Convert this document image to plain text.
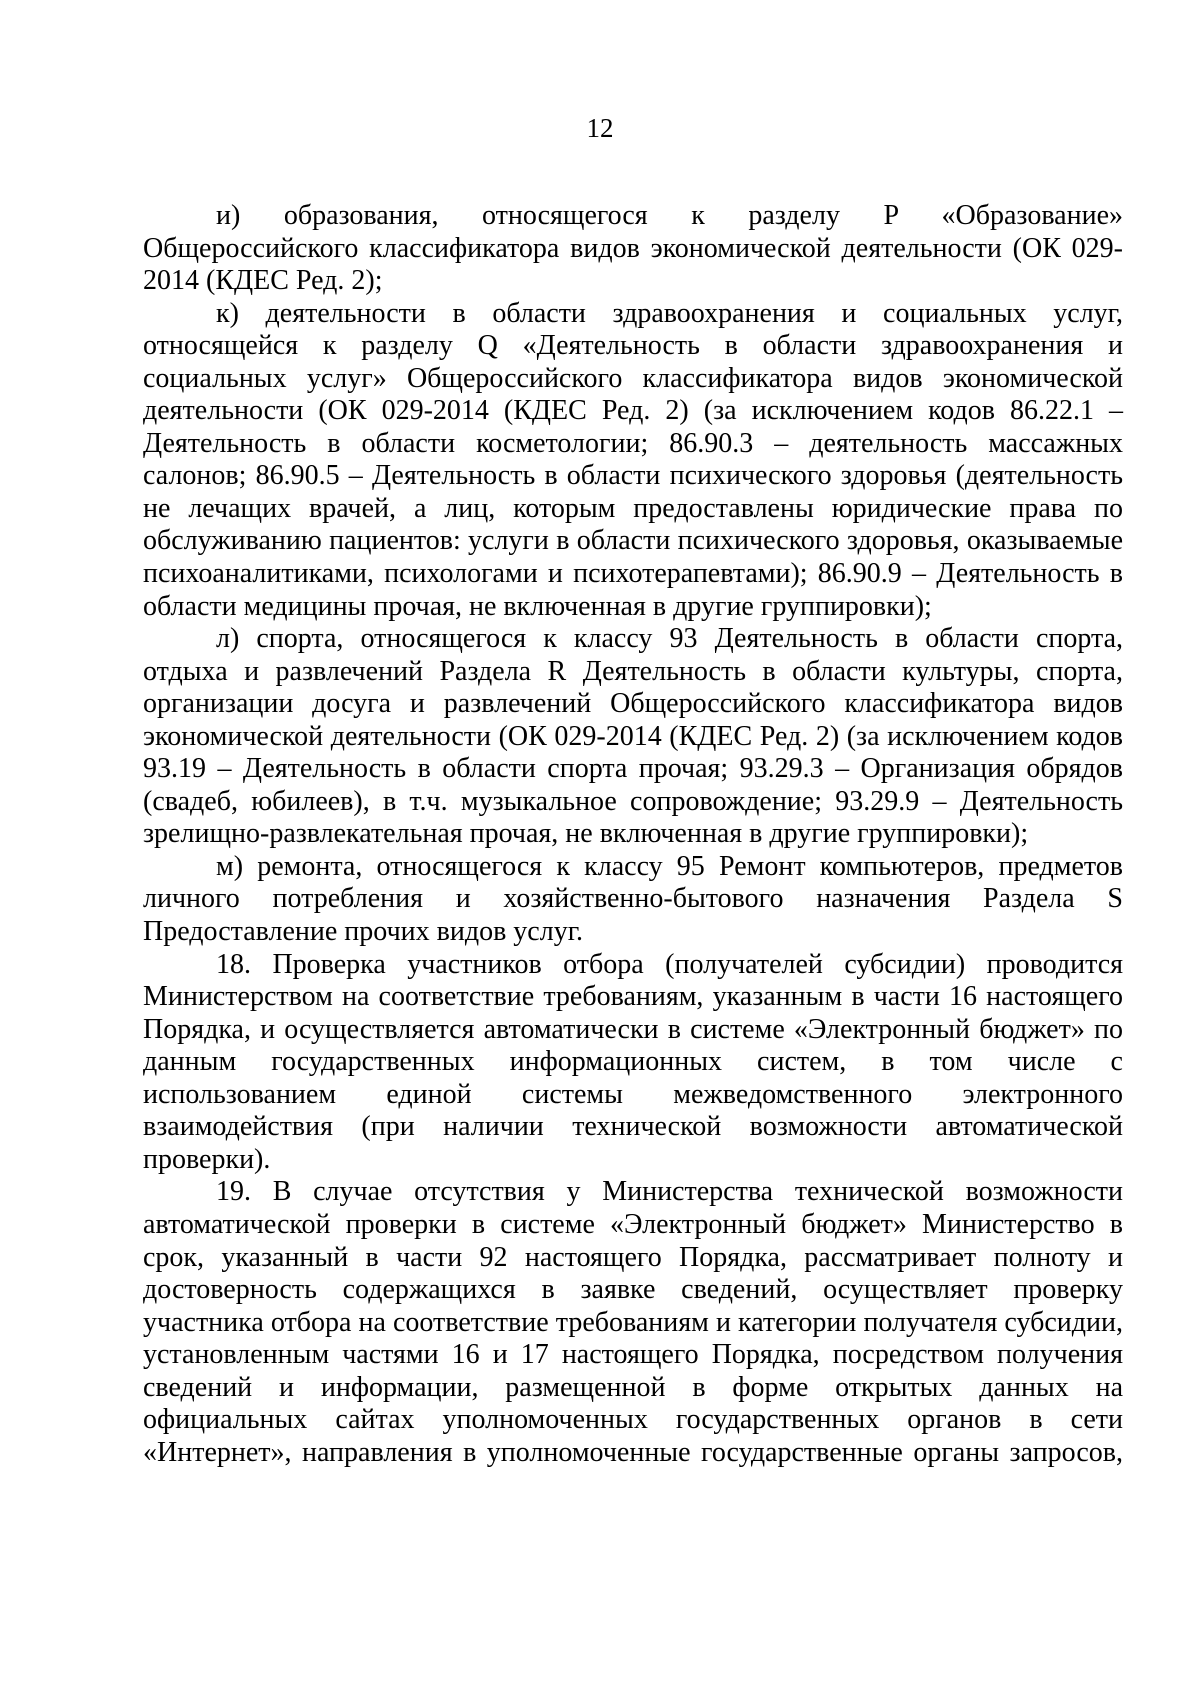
12

и) образования, относящегося к разделу P «Образование» Общероссийского классификатора видов экономической деятельности (ОК 029-2014 (КДЕС Ред. 2);

к) деятельности в области здравоохранения и социальных услуг, относящейся к разделу Q «Деятельность в области здравоохранения и социальных услуг» Общероссийского классификатора видов экономической деятельности (ОК 029-2014 (КДЕС Ред. 2) (за исключением кодов 86.22.1 – Деятельность в области косметологии; 86.90.3 – деятельность массажных салонов; 86.90.5 – Деятельность в области психического здоровья (деятельность не лечащих врачей, а лиц, которым предоставлены юридические права по обслуживанию пациентов: услуги в области психического здоровья, оказываемые психоаналитиками, психологами и психотерапевтами); 86.90.9 – Деятельность в области медицины прочая, не включенная в другие группировки);

л) спорта, относящегося к классу 93 Деятельность в области спорта, отдыха и развлечений Раздела R Деятельность в области культуры, спорта, организации досуга и развлечений Общероссийского классификатора видов экономической деятельности (ОК 029-2014 (КДЕС Ред. 2) (за исключением кодов 93.19 – Деятельность в области спорта прочая; 93.29.3 – Организация обрядов (свадеб, юбилеев), в т.ч. музыкальное сопровождение; 93.29.9 – Деятельность зрелищно-развлекательная прочая, не включенная в другие группировки);

м) ремонта, относящегося к классу 95 Ремонт компьютеров, предметов личного потребления и хозяйственно-бытового назначения Раздела S Предоставление прочих видов услуг.

18. Проверка участников отбора (получателей субсидии) проводится Министерством на соответствие требованиям, указанным в части 16 настоящего Порядка, и осуществляется автоматически в системе «Электронный бюджет» по данным государственных информационных систем, в том числе с использованием единой системы межведомственного электронного взаимодействия (при наличии технической возможности автоматической проверки).

19. В случае отсутствия у Министерства технической возможности автоматической проверки в системе «Электронный бюджет» Министерство в срок, указанный в части 92 настоящего Порядка, рассматривает полноту и достоверность содержащихся в заявке сведений, осуществляет проверку участника отбора на соответствие требованиям и категории получателя субсидии, установленным частями 16 и 17 настоящего Порядка, посредством получения сведений и информации, размещенной в форме открытых данных на официальных сайтах уполномоченных государственных органов в сети «Интернет», направления в уполномоченные государственные органы запросов,
